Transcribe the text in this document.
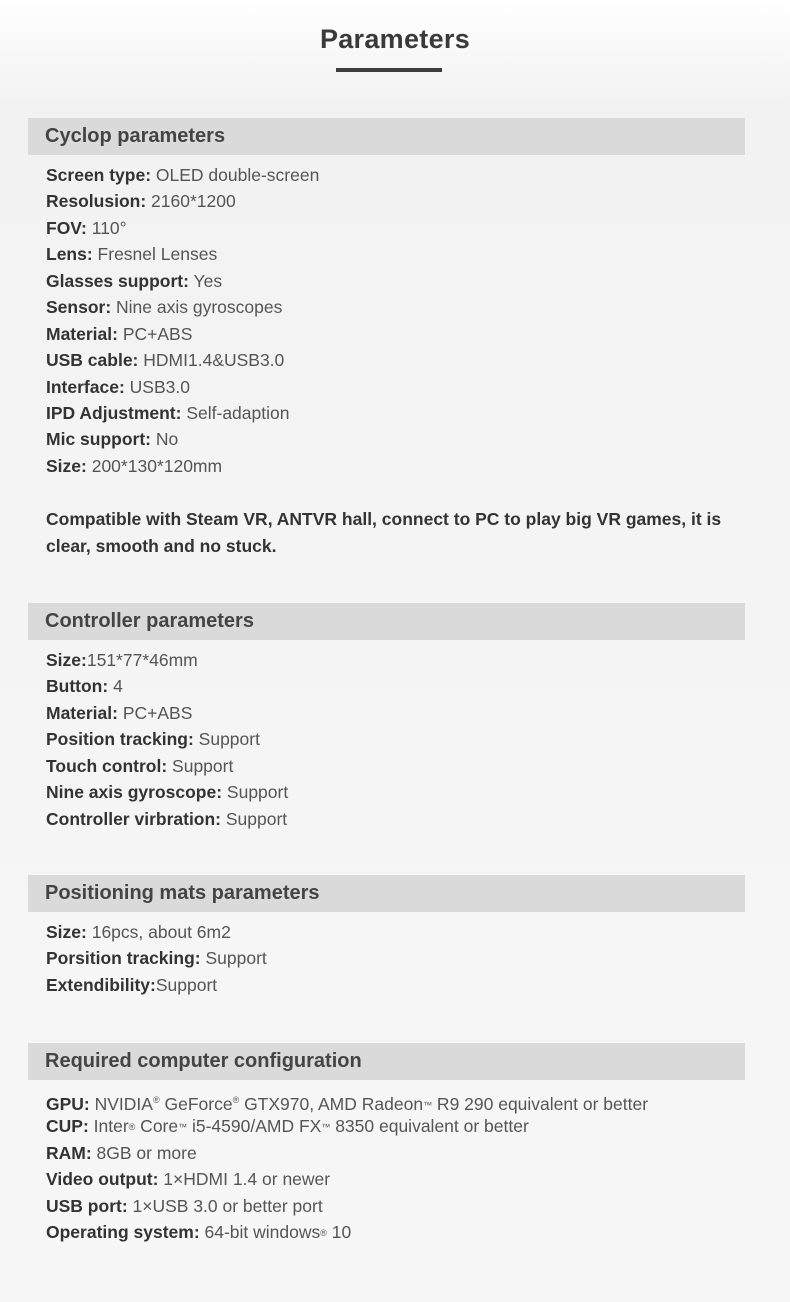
Parameters
Cyclop parameters
Screen type: OLED double-screen
Resolusion: 2160*1200
FOV: 110°
Lens: Fresnel Lenses
Glasses support: Yes
Sensor: Nine axis gyroscopes
Material: PC+ABS
USB cable: HDMI1.4&USB3.0
Interface: USB3.0
IPD Adjustment: Self-adaption
Mic support: No
Size: 200*130*120mm
Compatible with Steam VR, ANTVR hall, connect to PC to play big VR games, it is clear, smooth and no stuck.
Controller parameters
Size:151*77*46mm
Button: 4
Material: PC+ABS
Position tracking: Support
Touch control: Support
Nine axis gyroscope: Support
Controller virbration: Support
Positioning mats parameters
Size: 16pcs, about 6m2
Porsition tracking: Support
Extendibility:Support
Required computer configuration
GPU: NVIDIA® GeForce® GTX970, AMD Radeon™ R9 290 equivalent or better
CUP: Inter® Core™ i5-4590/AMD FX™ 8350 equivalent or better
RAM: 8GB or more
Video output: 1×HDMI 1.4 or newer
USB port: 1×USB 3.0 or better port
Operating system: 64-bit windows® 10
